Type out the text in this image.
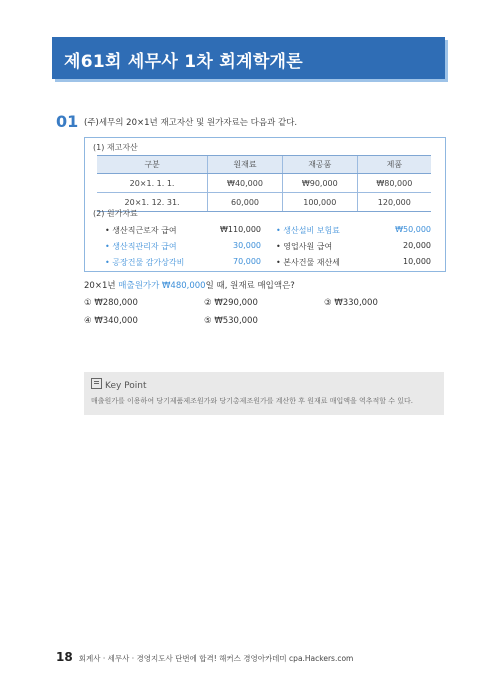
제61회 세무사 1차 회계학개론
01 (주)세무의 20×1년 재고자산 및 원가자료는 다음과 같다.
(1) 재고자산
구분	원재료	재공품	제품
20×1. 1. 1.	₩40,000	₩90,000	₩80,000
20×1. 12. 31.	60,000	100,000	120,000
(2) 원가자료
• 생산직근로자 급여	₩110,000
• 생산직관리자 급여	30,000
• 공장건물 감가상각비	70,000
• 생산설비 보험료	₩50,000
• 영업사원 급여	20,000
• 본사건물 재산세	10,000
20×1년 매출원가가 ₩480,000일 때, 원재료 매입액은?
① ₩280,000	② ₩290,000	③ ₩330,000
④ ₩340,000	⑤ ₩530,000
Key Point
매출원가를 이용하여 당기제품제조원가와 당기총제조원가를 계산한 후 원재료 매입액을 역추적할 수 있다.
18 회계사 · 세무사 · 경영지도사 단번에 합격! 해커스 경영아카데미 cpa.Hackers.com
